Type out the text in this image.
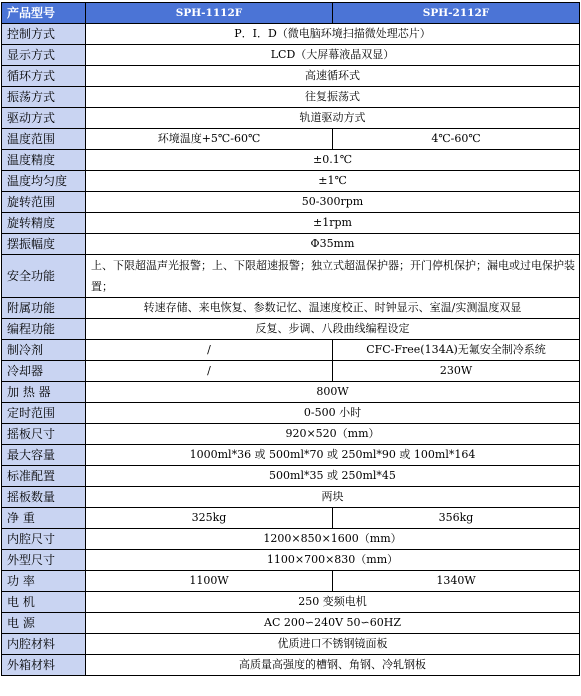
产品型号	SPH-1112F	SPH-2112F
控制方式	P．I．D（微电脑环境扫描微处理芯片）	
显示方式	LCD（大屏幕液晶双显）	
循环方式	高速循环式	
振荡方式	往复振荡式	
驱动方式	轨道驱动方式	
温度范围	环境温度+5℃-60℃	4℃-60℃
温度精度	±0.1℃	
温度均匀度	±1℃	
旋转范围	50-300rpm	
旋转精度	±1rpm	
摆振幅度	Φ35mm	
安全功能	上、下限超温声光报警；上、下限超速报警；独立式超温保护器；开门停机保护；漏电或过电保护装置；	
附属功能	转速存储、来电恢复、参数记忆、温速度校正、时钟显示、室温/实测温度双显	
编程功能	反复、步调、八段曲线编程设定	
制冷剂	/	CFC-Free(134A)无氟安全制冷系统
冷却器	/	230W
加 热 器	800W	
定时范围	0-500 小时	
摇板尺寸	920×520（mm）	
最大容量	1000ml*36 或 500ml*70 或 250ml*90 或 100ml*164	
标准配置	500ml*35 或 250ml*45	
摇板数量	两块	
净 重	325kg	356kg
内腔尺寸	1200×850×1600（mm）	
外型尺寸	1100×700×830（mm）	
功 率	1100W	1340W
电 机	250 变频电机	
电 源	AC 200∽240V 50∽60HZ	
内腔材料	优质进口不锈钢镜面板	
外箱材料	高质量高强度的槽钢、角钢、冷轧钢板	
